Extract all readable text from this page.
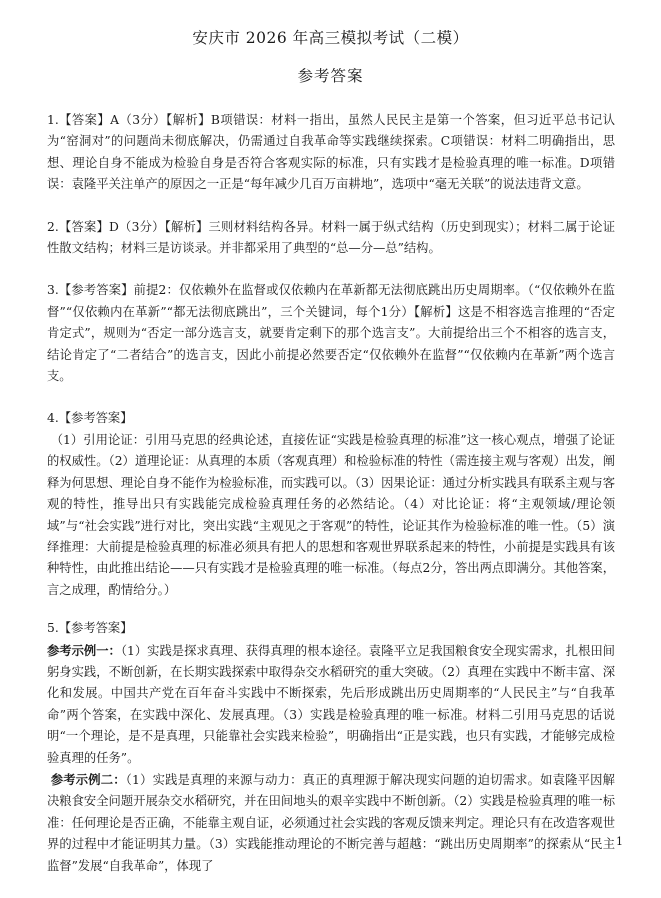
安庆市 2026 年高三模拟考试（二模）
参考答案

1.【答案】A（3分）【解析】B项错误：材料一指出，虽然人民民主是第一个答案，但习近平总书记认为“窑洞对”的问题尚未彻底解决，仍需通过自我革命等实践继续探索。C项错误：材料二明确指出，思想、理论自身不能成为检验自身是否符合客观实际的标准，只有实践才是检验真理的唯一标准。D项错误：袁隆平关注单产的原因之一正是“每年减少几百万亩耕地”，选项中“毫无关联”的说法违背文意。

2.【答案】D（3分）【解析】三则材料结构各异。材料一属于纵式结构（历史到现实）；材料二属于论证性散文结构；材料三是访谈录。并非都采用了典型的“总—分—总”结构。

3.【参考答案】前提2：仅依赖外在监督或仅依赖内在革新都无法彻底跳出历史周期率。（“仅依赖外在监督”“仅依赖内在革新”“都无法彻底跳出”，三个关键词，每个1分）【解析】这是不相容选言推理的“否定肯定式”，规则为“否定一部分选言支，就要肯定剩下的那个选言支”。大前提给出三个不相容的选言支，结论肯定了“二者结合”的选言支，因此小前提必然要否定“仅依赖外在监督”“仅依赖内在革新”两个选言支。

4.【参考答案】

（1）引用论证：引用马克思的经典论述，直接佐证“实践是检验真理的标准”这一核心观点，增强了论证的权威性。（2）道理论证：从真理的本质（客观真理）和检验标准的特性（需连接主观与客观）出发，阐释为何思想、理论自身不能作为检验标准，而实践可以。（3）因果论证：通过分析实践具有联系主观与客观的特性，推导出只有实践能完成检验真理任务的必然结论。（4）对比论证：将“主观领域/理论领域”与“社会实践”进行对比，突出实践“主观见之于客观”的特性，论证其作为检验标准的唯一性。（5）演绎推理：大前提是检验真理的标准必须具有把人的思想和客观世界联系起来的特性，小前提是实践具有该种特性，由此推出结论——只有实践才是检验真理的唯一标准。（每点2分，答出两点即满分。其他答案，言之成理，酌情给分。）

5.【参考答案】

参考示例一：（1）实践是探求真理、获得真理的根本途径。袁隆平立足我国粮食安全现实需求，扎根田间躬身实践，不断创新，在长期实践探索中取得杂交水稻研究的重大突破。（2）真理在实践中不断丰富、深化和发展。中国共产党在百年奋斗实践中不断探索，先后形成跳出历史周期率的“人民民主”与“自我革命”两个答案，在实践中深化、发展真理。（3）实践是检验真理的唯一标准。材料二引用马克思的话说明“一个理论，是不是真理，只能靠社会实践来检验”，明确指出“正是实践，也只有实践，才能够完成检验真理的任务”。

参考示例二：（1）实践是真理的来源与动力：真正的真理源于解决现实问题的迫切需求。如袁隆平因解决粮食安全问题开展杂交水稻研究，并在田间地头的艰辛实践中不断创新。（2）实践是检验真理的唯一标准：任何理论是否正确，不能靠主观自证，必须通过社会实践的客观反馈来判定。理论只有在改造客观世界的过程中才能证明其力量。（3）实践能推动理论的不断完善与超越：“跳出历史周期率”的探索从“民主监督”发展“自我革命”，体现了

1
